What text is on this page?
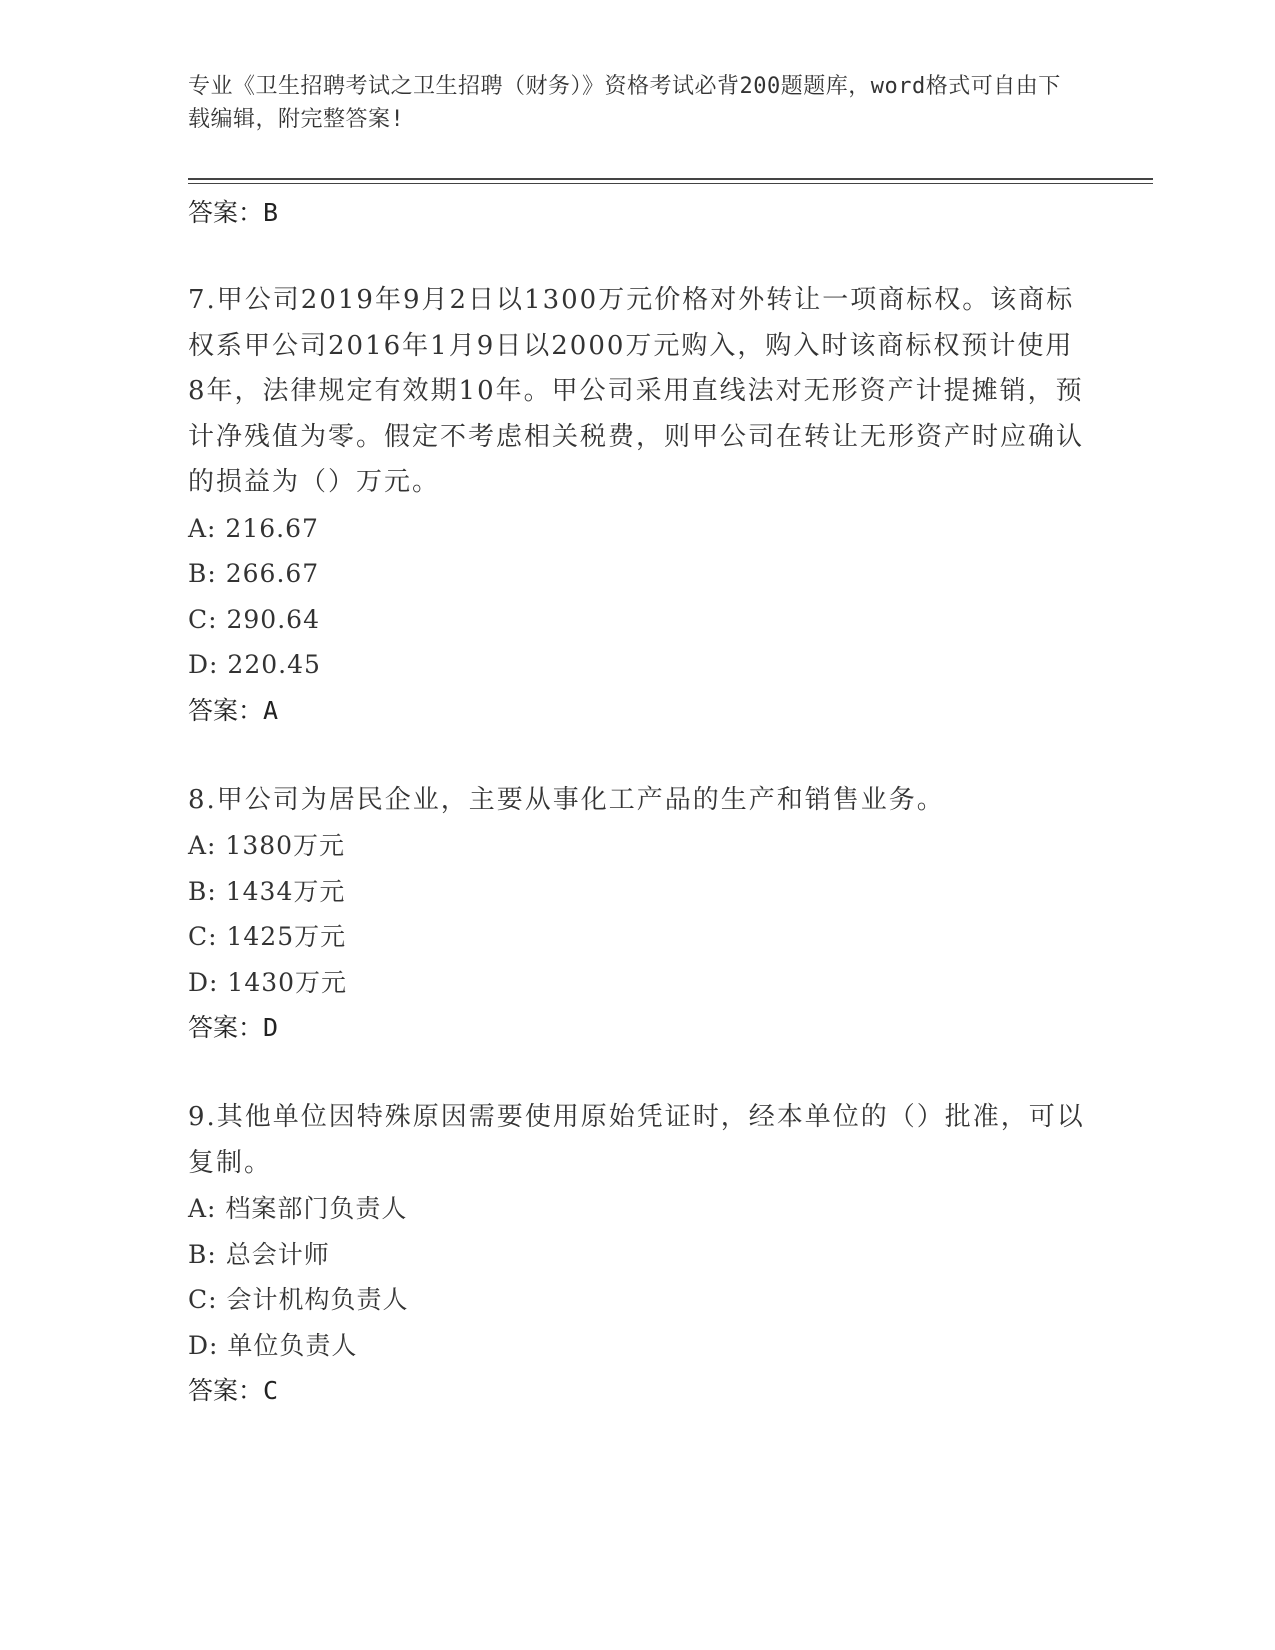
专业《卫生招聘考试之卫生招聘（财务）》资格考试必背200题题库，word格式可自由下载编辑，附完整答案!
答案：B
7.甲公司2019年9月2日以1300万元价格对外转让一项商标权。该商标权系甲公司2016年1月9日以2000万元购入，购入时该商标权预计使用8年，法律规定有效期10年。甲公司采用直线法对无形资产计提摊销，预计净残值为零。假定不考虑相关税费，则甲公司在转让无形资产时应确认的损益为（）万元。
A: 216.67
B: 266.67
C: 290.64
D: 220.45
答案：A
8.甲公司为居民企业，主要从事化工产品的生产和销售业务。
A: 1380万元
B: 1434万元
C: 1425万元
D: 1430万元
答案：D
9.其他单位因特殊原因需要使用原始凭证时，经本单位的（）批准，可以复制。
A: 档案部门负责人
B: 总会计师
C: 会计机构负责人
D: 单位负责人
答案：C
